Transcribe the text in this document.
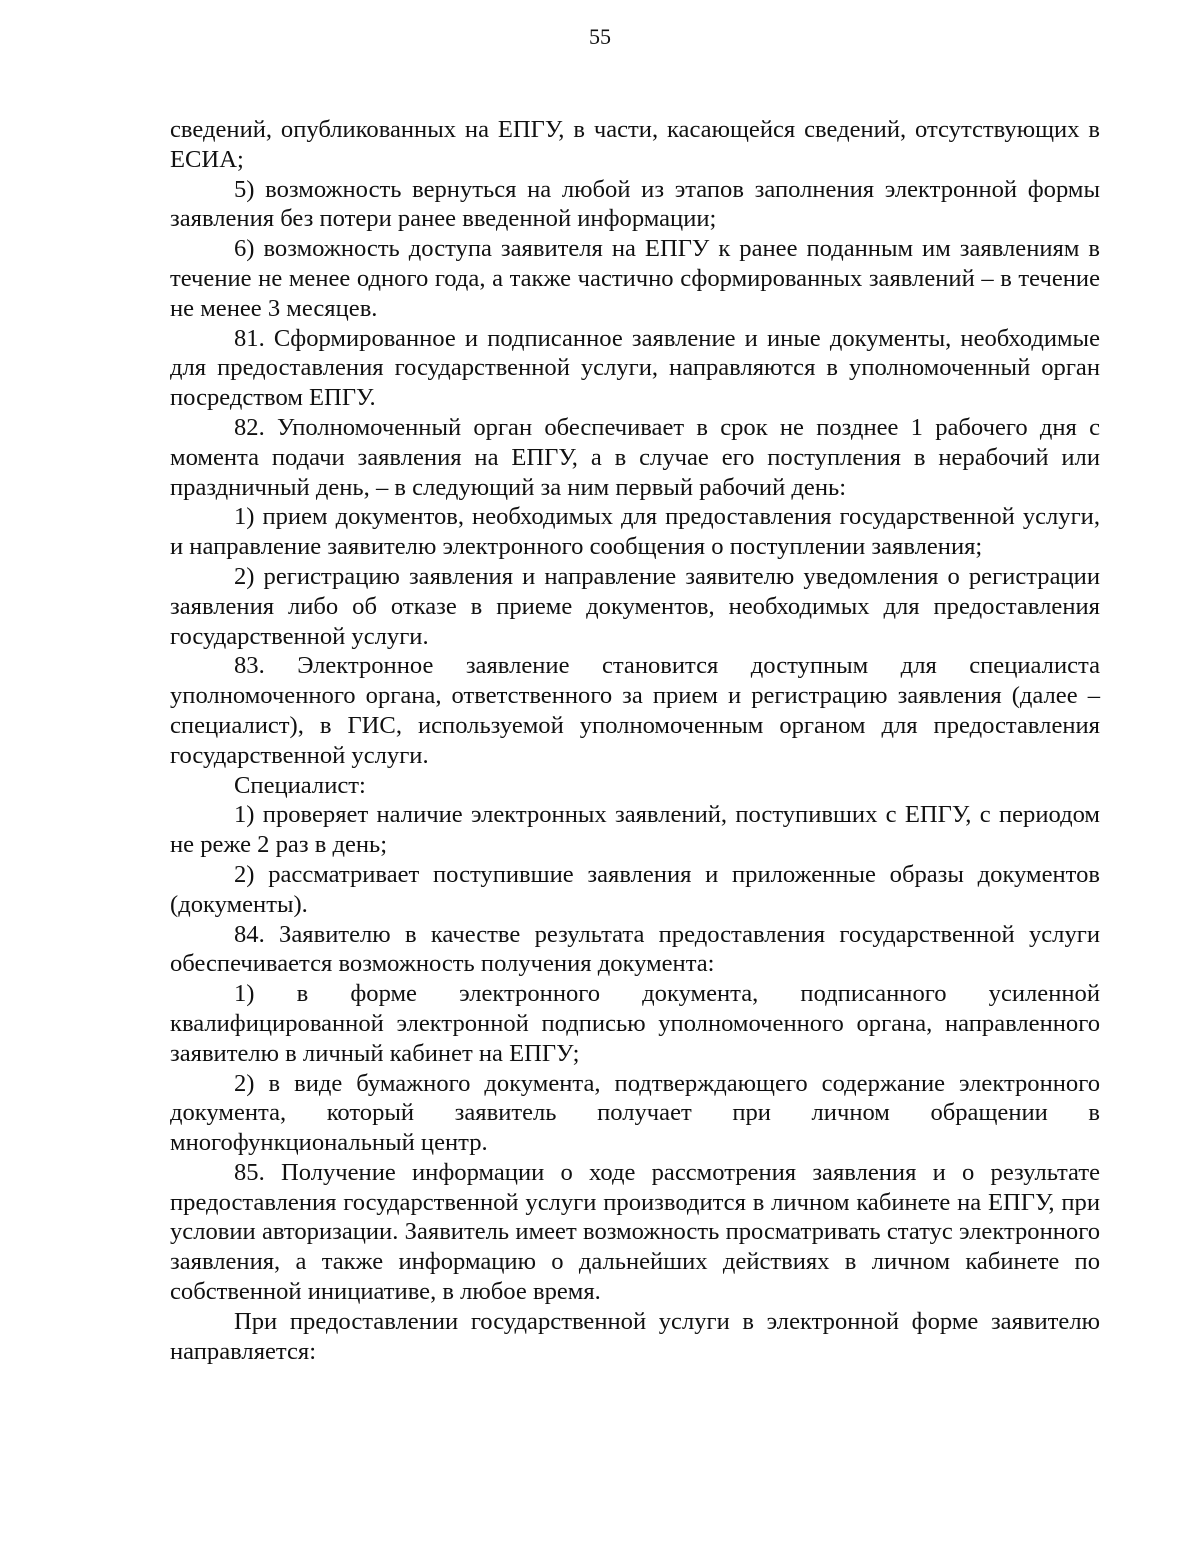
55

сведений, опубликованных на ЕПГУ, в части, касающейся сведений, отсутствующих в ЕСИА;

5) возможность вернуться на любой из этапов заполнения электронной формы заявления без потери ранее введенной информации;

6) возможность доступа заявителя на ЕПГУ к ранее поданным им заявлениям в течение не менее одного года, а также частично сформированных заявлений – в течение не менее 3 месяцев.

81. Сформированное и подписанное заявление и иные документы, необходимые для предоставления государственной услуги, направляются в уполномоченный орган посредством ЕПГУ.

82. Уполномоченный орган обеспечивает в срок не позднее 1 рабочего дня с момента подачи заявления на ЕПГУ, а в случае его поступления в нерабочий или праздничный день, – в следующий за ним первый рабочий день:

1) прием документов, необходимых для предоставления государственной услуги, и направление заявителю электронного сообщения о поступлении заявления;

2) регистрацию заявления и направление заявителю уведомления о регистрации заявления либо об отказе в приеме документов, необходимых для предоставления государственной услуги.

83. Электронное заявление становится доступным для специалиста уполномоченного органа, ответственного за прием и регистрацию заявления (далее – специалист), в ГИС, используемой уполномоченным органом для предоставления государственной услуги.

Специалист:

1) проверяет наличие электронных заявлений, поступивших с ЕПГУ, с периодом не реже 2 раз в день;

2) рассматривает поступившие заявления и приложенные образы документов (документы).

84. Заявителю в качестве результата предоставления государственной услуги обеспечивается возможность получения документа:

1) в форме электронного документа, подписанного усиленной квалифицированной электронной подписью уполномоченного органа, направленного заявителю в личный кабинет на ЕПГУ;

2) в виде бумажного документа, подтверждающего содержание электронного документа, который заявитель получает при личном обращении в многофункциональный центр.

85. Получение информации о ходе рассмотрения заявления и о результате предоставления государственной услуги производится в личном кабинете на ЕПГУ, при условии авторизации. Заявитель имеет возможность просматривать статус электронного заявления, а также информацию о дальнейших действиях в личном кабинете по собственной инициативе, в любое время.

При предоставлении государственной услуги в электронной форме заявителю направляется:
